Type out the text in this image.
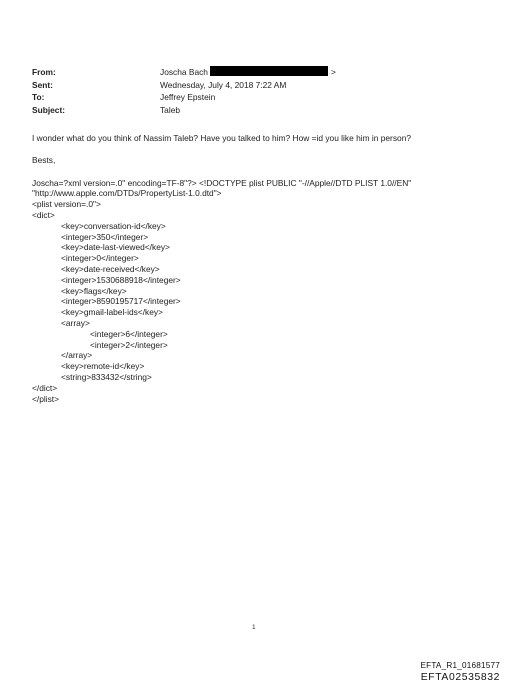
From:	Joscha Bach	>
Sent:	Wednesday, July 4, 2018 7:22 AM
To:	Jeffrey Epstein
Subject:	Taleb

I wonder what do you think of Nassim Taleb? Have you talked to him? How =id you like him in person?

Bests,

Joscha=?xml version=.0" encoding=TF-8"?> <!DOCTYPE plist PUBLIC "-//Apple//DTD PLIST 1.0//EN"
"http://www.apple.com/DTDs/PropertyList-1.0.dtd">
<plist version=.0">
<dict>
<key>conversation-id</key>
<integer>350</integer>
<key>date-last-viewed</key>
<integer>0</integer>
<key>date-received</key>
<integer>1530688918</integer>
<key>flags</key>
<integer>8590195717</integer>
<key>gmail-label-ids</key>
<array>
<integer>6</integer>
<integer>2</integer>
</array>
<key>remote-id</key>
<string>833432</string>
</dict>
</plist>
1
EFTA_R1_01681577
EFTA02535832
